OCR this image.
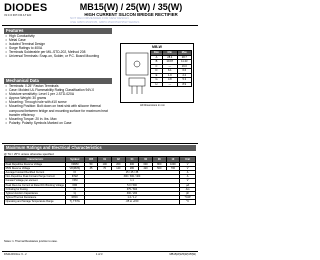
DIODES
INCORPORATED
MB15(W) / 25(W) / 35(W)
HIGH CURRENT SILICON BRIDGE RECTIFIER
NOT RECOMMENDED FOR NEW DESIGN
USE GBPC15/25/35, GBPC15W/25W/35W SERIES
Features
• High Conductivity
• Metal Case
• Isolated Terminal Design
• Surge Ratings to 400A
• Terminals Solderable per MIL-STD-202, Method 208
• Universal Terminals: Snap-on, Solder, or P.C. Board Mounting
Mechanical Data
• Terminals: 0.25" Faston Terminals
• Case: Molded UL Flammability Rating Classification 94V-0
• Moisture sensitivity: Level 1 per J-STD-020A
• Approx Weight: 30 grams
• Mounting: Through hole with #10 screw
• Mounting Position: Bolt down on heat sink with silicone thermal compound between bridge and mounting surface for maximum heat transfer efficiency
• Mounting Torque: 20 in. lbs. Max
• Polarity: Polarity Symbols Marked on Case
MB-W
Dim	Min	Max
A	28.4	28.7
B	10.97	11.23
C	—	16.0
D	6.1	6.6
E	1.9	2.2
G	4.8	5.3
H	—	8.9
All Dimensions in mm
Maximum Ratings and Electrical Characteristics
@ TA = 25°C unless otherwise specified
Characteristic	Symbol	005	01	02	04	06	08	10	Unit
Peak Repetitive Reverse Voltage	VRRM	50	100	200	400	600	800	1000	V
RMS Reverse Voltage	VR(RMS)	35	70	140	280	420	560	700	V
Average Forward Rectified Current	IO	15 / 25 / 35							A
Non-Repetitive Peak Forward Surge Current	IFSM	300 / 300 / 400							A
Forward Voltage per element	VFM	1.1							V
Peak Reverse Current at Rated DC Blocking Voltage	IRM	5.0 / 500							µA
I²t Rating for Fusing	I²t	375 / 664							A²s
Typical Junction Capacitance	Cj	300 / 200							pF
Typical Thermal Resistance	RθJC	1.4 / 1.2							°C/W
Operating and Storage Temperature Range	Tj, TSTG	-65 to +150							°C
Notes: 1. Thermal Resistance junction to case.
DS21203 Rev. 6 - 2	1 of 3	MB15(W)/25(W)/35(W)
